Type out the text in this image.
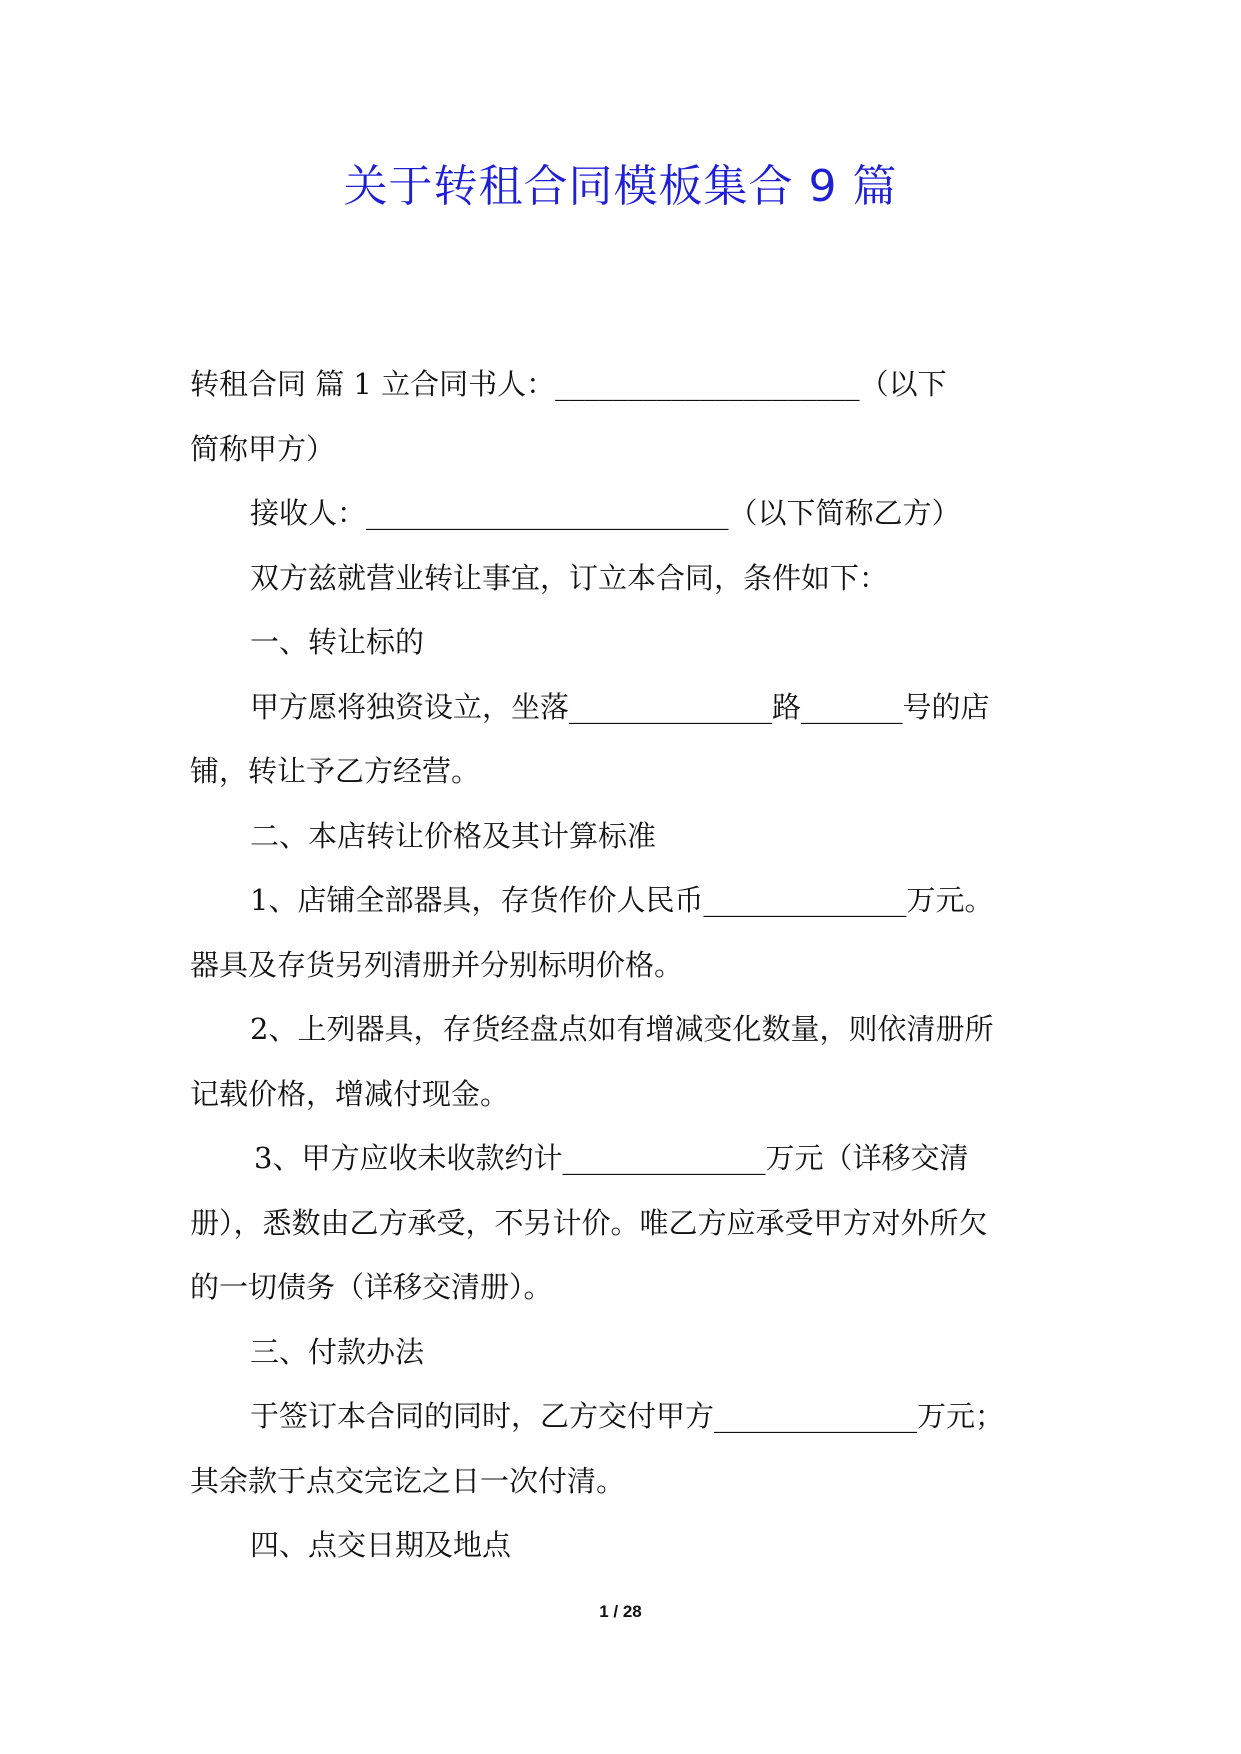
关于转租合同模板集合 9 篇
转租合同 篇 1 立合同书人：_____________________（以下
简称甲方）
接收人：_________________________（以下简称乙方）
双方兹就营业转让事宜，订立本合同，条件如下：
一、转让标的
甲方愿将独资设立，坐落______________路_______号的店
铺，转让予乙方经营。
二、本店转让价格及其计算标准
1、店铺全部器具，存货作价人民币______________万元。
器具及存货另列清册并分别标明价格。
2、上列器具，存货经盘点如有增减变化数量，则依清册所
记载价格，增减付现金。
3、甲方应收未收款约计______________万元（详移交清
册），悉数由乙方承受，不另计价。唯乙方应承受甲方对外所欠
的一切债务（详移交清册）。
三、付款办法
于签订本合同的同时，乙方交付甲方______________万元；
其余款于点交完讫之日一次付清。
四、点交日期及地点
1 / 28
